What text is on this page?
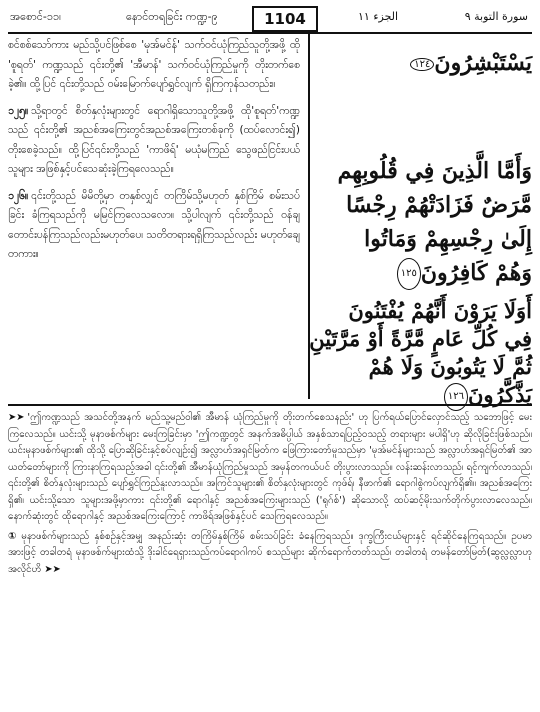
အစောင်-၁၁၊	နောင်တရခြင်း ကဏ္ဍ-၉	1104	الجزء ١١	سورة التوبة ٩

စင်စစ်သော်ကား မည်သို့ပင်ဖြစ်စေ 'မုအ်မင်န်' သက်ဝင်ယုံကြည်သူတို့အဖို့ ထို 'စူရတ်' ကဏ္ဍသည် ၎င်းတို့၏ 'အီမာန်' သက်ဝင်ယုံကြည်မှုကို တိုးတက်စေခဲ့၏။ ထို့ပြင် ၎င်းတို့သည် ဝမ်းမြောက်ပျော်ရွှင်လျက် ရှိကြကုန်သတည်း။

၁၂၅။ သို့ရာတွင် စိတ်နှလုံးများတွင် ရောဂါရှိသောသူတို့အဖို့ ထို'စူရတ်'ကဏ္ဍသည် ၎င်းတို့၏ အညစ်အကြေးတွင်အညစ်အကြေးတစ်ခုကို (ထပ်လောင်း၍) တိုးစေခဲ့သည်။ ထို့ပြင်၎င်းတို့သည် 'ကာဖိရ်' မယုံမကြည် သွေဖည်ငြင်းပယ်သူများ အဖြစ်နှင့်ပင်သေဆုံးခဲ့ကြရလေသည်။

၁၂၆။ ၎င်းတို့သည် မိမိတို့မှာ တနှစ်လျှင် တကြိမ်သို့မဟုတ် နှစ်ကြိမ် စမ်းသပ်ခြင်း ခံကြရသည်ကို မမြင်ကြလေသလော။ သို့ပါလျက် ၎င်းတို့သည် ဝန်ချတောင်းပန်ကြသည်လည်းမဟုတ်ပေ၊ သတိတရားရရှိကြသည်လည်း မဟုတ်ချေတကား။

يَسْتَبْشِرُونَ١٢٤
وَأَمَّا الَّذِينَ فِي قُلُوبِهِم
مَّرَضٌ فَزَادَتْهُمْ رِجْسًا
إِلَىٰ رِجْسِهِمْ وَمَاتُوا
وَهُمْ كَافِرُونَ١٢٥
أَوَلَا يَرَوْنَ أَنَّهُمْ يُفْتَنُونَ
فِي كُلِّ عَامٍ مَّرَّةً أَوْ مَرَّتَيْنِ
ثُمَّ لَا يَتُوبُونَ وَلَا هُمْ
يَذَّكَّرُونَ١٢٦

➤➤ 'ဤကဏ္ဍသည် အသင်တို့အနက် မည်သူ့မည်ဝါ၏ အီမာန် ယုံကြည်မှုကို တိုးတက်စေသနည်း' ဟု ပြက်ရယ်ပြောင်လှောင်သည့် သဘောဖြင့် မေးကြလေသည်။ ယင်းသို့ မုနာဖစ်က်များ မေးကြခြင်းမှာ 'ဤကဏ္ဍတွင် အနက်အဓိပ္ပါယ် အနှစ်သာရပြည့်ဝသည့် တရားများ မပါရှိ'ဟု ဆိုလိုခြင်းဖြစ်သည်။ ယင်းမုနာဖစ်က်များ၏ ထိုသို့ ပြောဆိုခြင်းနှင့်စပ်လျဉ်း၍ အလ္လာဟ်အရှင်မြတ်က ဖြေကြားတော်မူသည်မှာ 'မုအ်မင်န်များသည် အလ္လာဟ်အရှင်မြတ်၏ အာယတ်တော်များကို ကြားနာကြရသည့်အခါ ၎င်းတို့၏ အီမာန်ယုံကြည်မှုသည် အမှန်တကယ်ပင် တိုးပွားလာသည်။ လန်းဆန်းလာသည်၊ ရင့်ကျက်လာသည်၊ ၎င်းတို့၏ စိတ်နှလုံးများသည် ပျော်ရွှင်ကြည်နူးလာသည်။ အကြင်သူများ၏ စိတ်နှလုံးများတွင် ကုဖ်ရ်၊ နီဖာက်၏ ရောဂါစွဲကပ်လျက်ရှိ၏။ အညစ်အကြေးရှိ၏၊ ယင်းသို့သော သူများအဖို့မှာကား ၎င်းတို့၏ ရောဂါနှင့် အညစ်အကြေးများသည် ('ရုဂ်စ်') ဆိုသောလို့ ထပ်ဆင့်မိုးသက်တိုက်ပွားလာလေသည်။ နောက်ဆုံးတွင် ထိုရောဂါနှင့် အညစ်အကြေးကြောင့် ကာဖိရ်အဖြစ်နှင့်ပင် သေကြရလေသည်။

① မုနာဖစ်က်များသည် နှစ်စဉ်နှင့်အမျှ အနည်းဆုံး တကြိမ်နှစ်ကြိမ် စမ်းသပ်ခြင်း ခံနေကြရသည်။ ဒုက္ခကြီးငယ်များနှင့် ရင်ဆိုင်နေကြရသည်။ ဥပမာအားဖြင့် တခါတရံ မုနာဖစ်က်များထံသို့ ဒိုးခါင်ရေရှားသည်ကပ်ရောဂါကပ် စသည်များ ဆိုက်ရောက်တတ်သည်၊ တခါတရံ တမန်တော်မြတ်(ဆွလ္လလ္လာဟု အလိုင်ဟိ ➤➤
